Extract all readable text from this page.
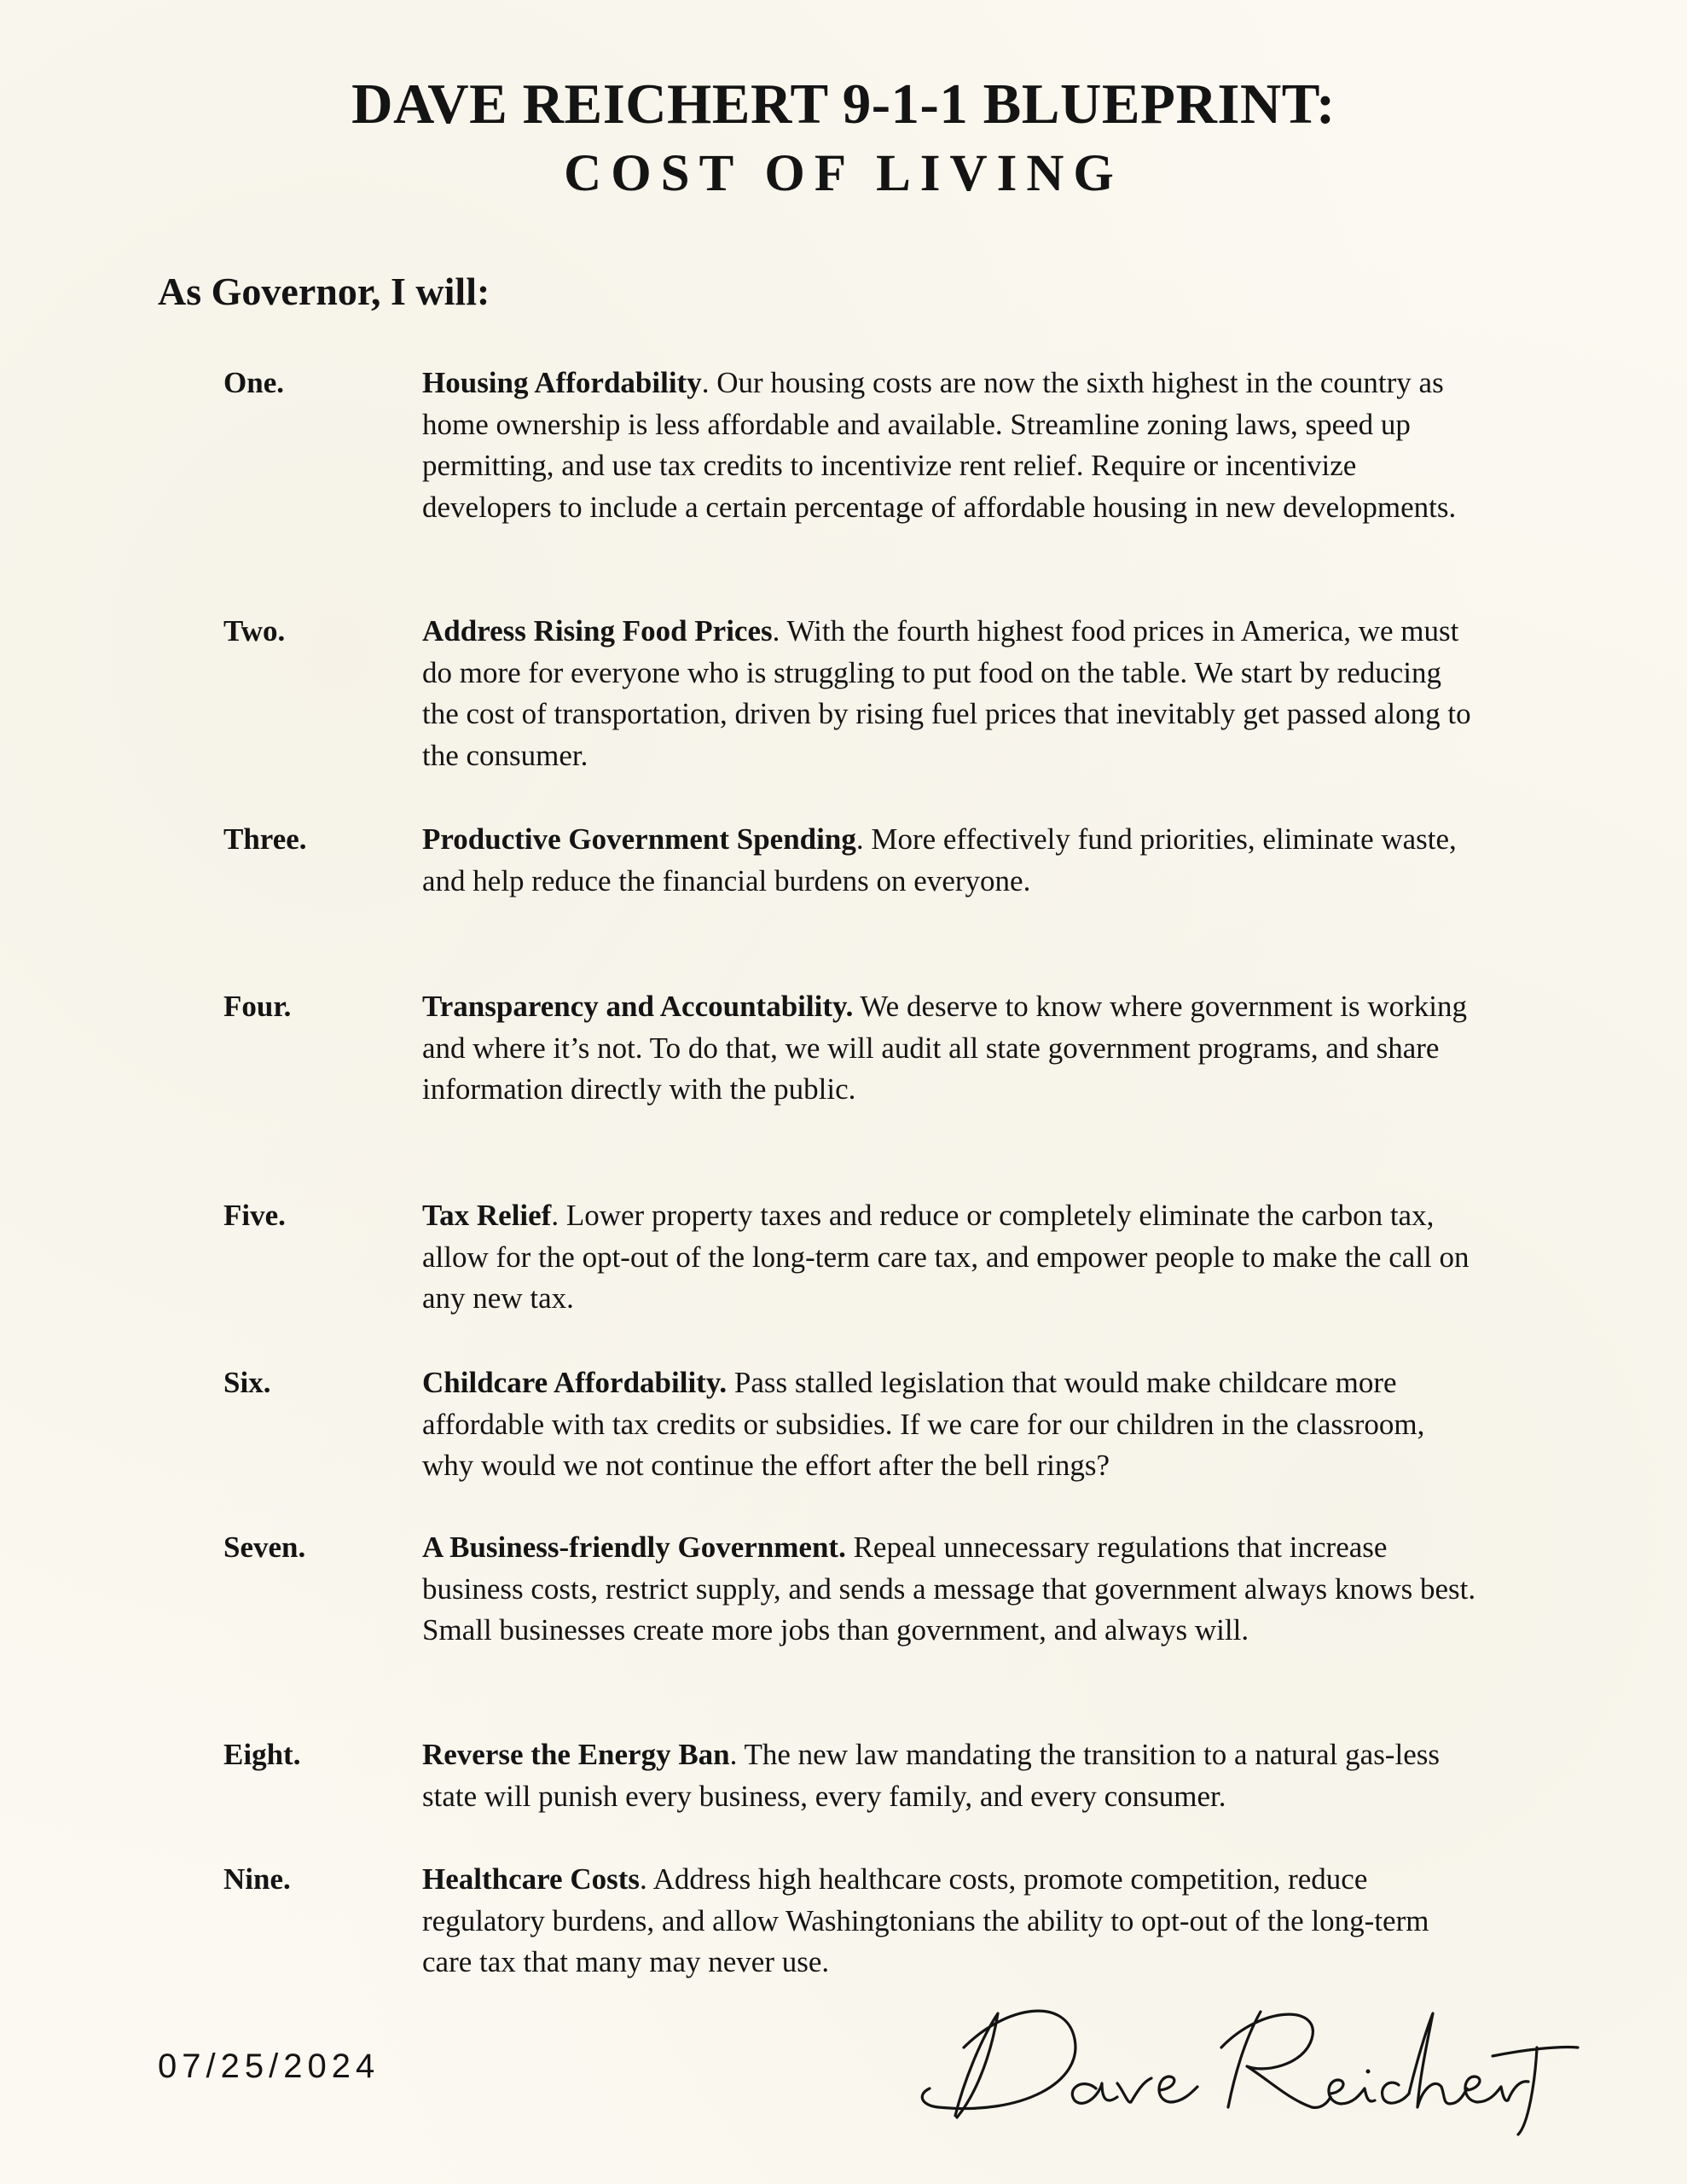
DAVE REICHERT 9-1-1 BLUEPRINT:
COST OF LIVING
As Governor, I will:
One.	Housing Affordability. Our housing costs are now the sixth highest in the country as home ownership is less affordable and available. Streamline zoning laws, speed up permitting, and use tax credits to incentivize rent relief. Require or incentivize developers to include a certain percentage of affordable housing in new developments.
Two.	Address Rising Food Prices. With the fourth highest food prices in America, we must do more for everyone who is struggling to put food on the table. We start by reducing the cost of transportation, driven by rising fuel prices that inevitably get passed along to the consumer.
Three.	Productive Government Spending. More effectively fund priorities, eliminate waste, and help reduce the financial burdens on everyone.
Four.	Transparency and Accountability. We deserve to know where government is working and where it’s not. To do that, we will audit all state government programs, and share information directly with the public.
Five.	Tax Relief. Lower property taxes and reduce or completely eliminate the carbon tax, allow for the opt-out of the long-term care tax, and empower people to make the call on any new tax.
Six.	Childcare Affordability. Pass stalled legislation that would make childcare more affordable with tax credits or subsidies. If we care for our children in the classroom, why would we not continue the effort after the bell rings?
Seven.	A Business-friendly Government. Repeal unnecessary regulations that increase business costs, restrict supply, and sends a message that government always knows best. Small businesses create more jobs than government, and always will.
Eight.	Reverse the Energy Ban. The new law mandating the transition to a natural gas-less state will punish every business, every family, and every consumer.
Nine.	Healthcare Costs. Address high healthcare costs, promote competition, reduce regulatory burdens, and allow Washingtonians the ability to opt-out of the long-term care tax that many may never use.
07/25/2024
